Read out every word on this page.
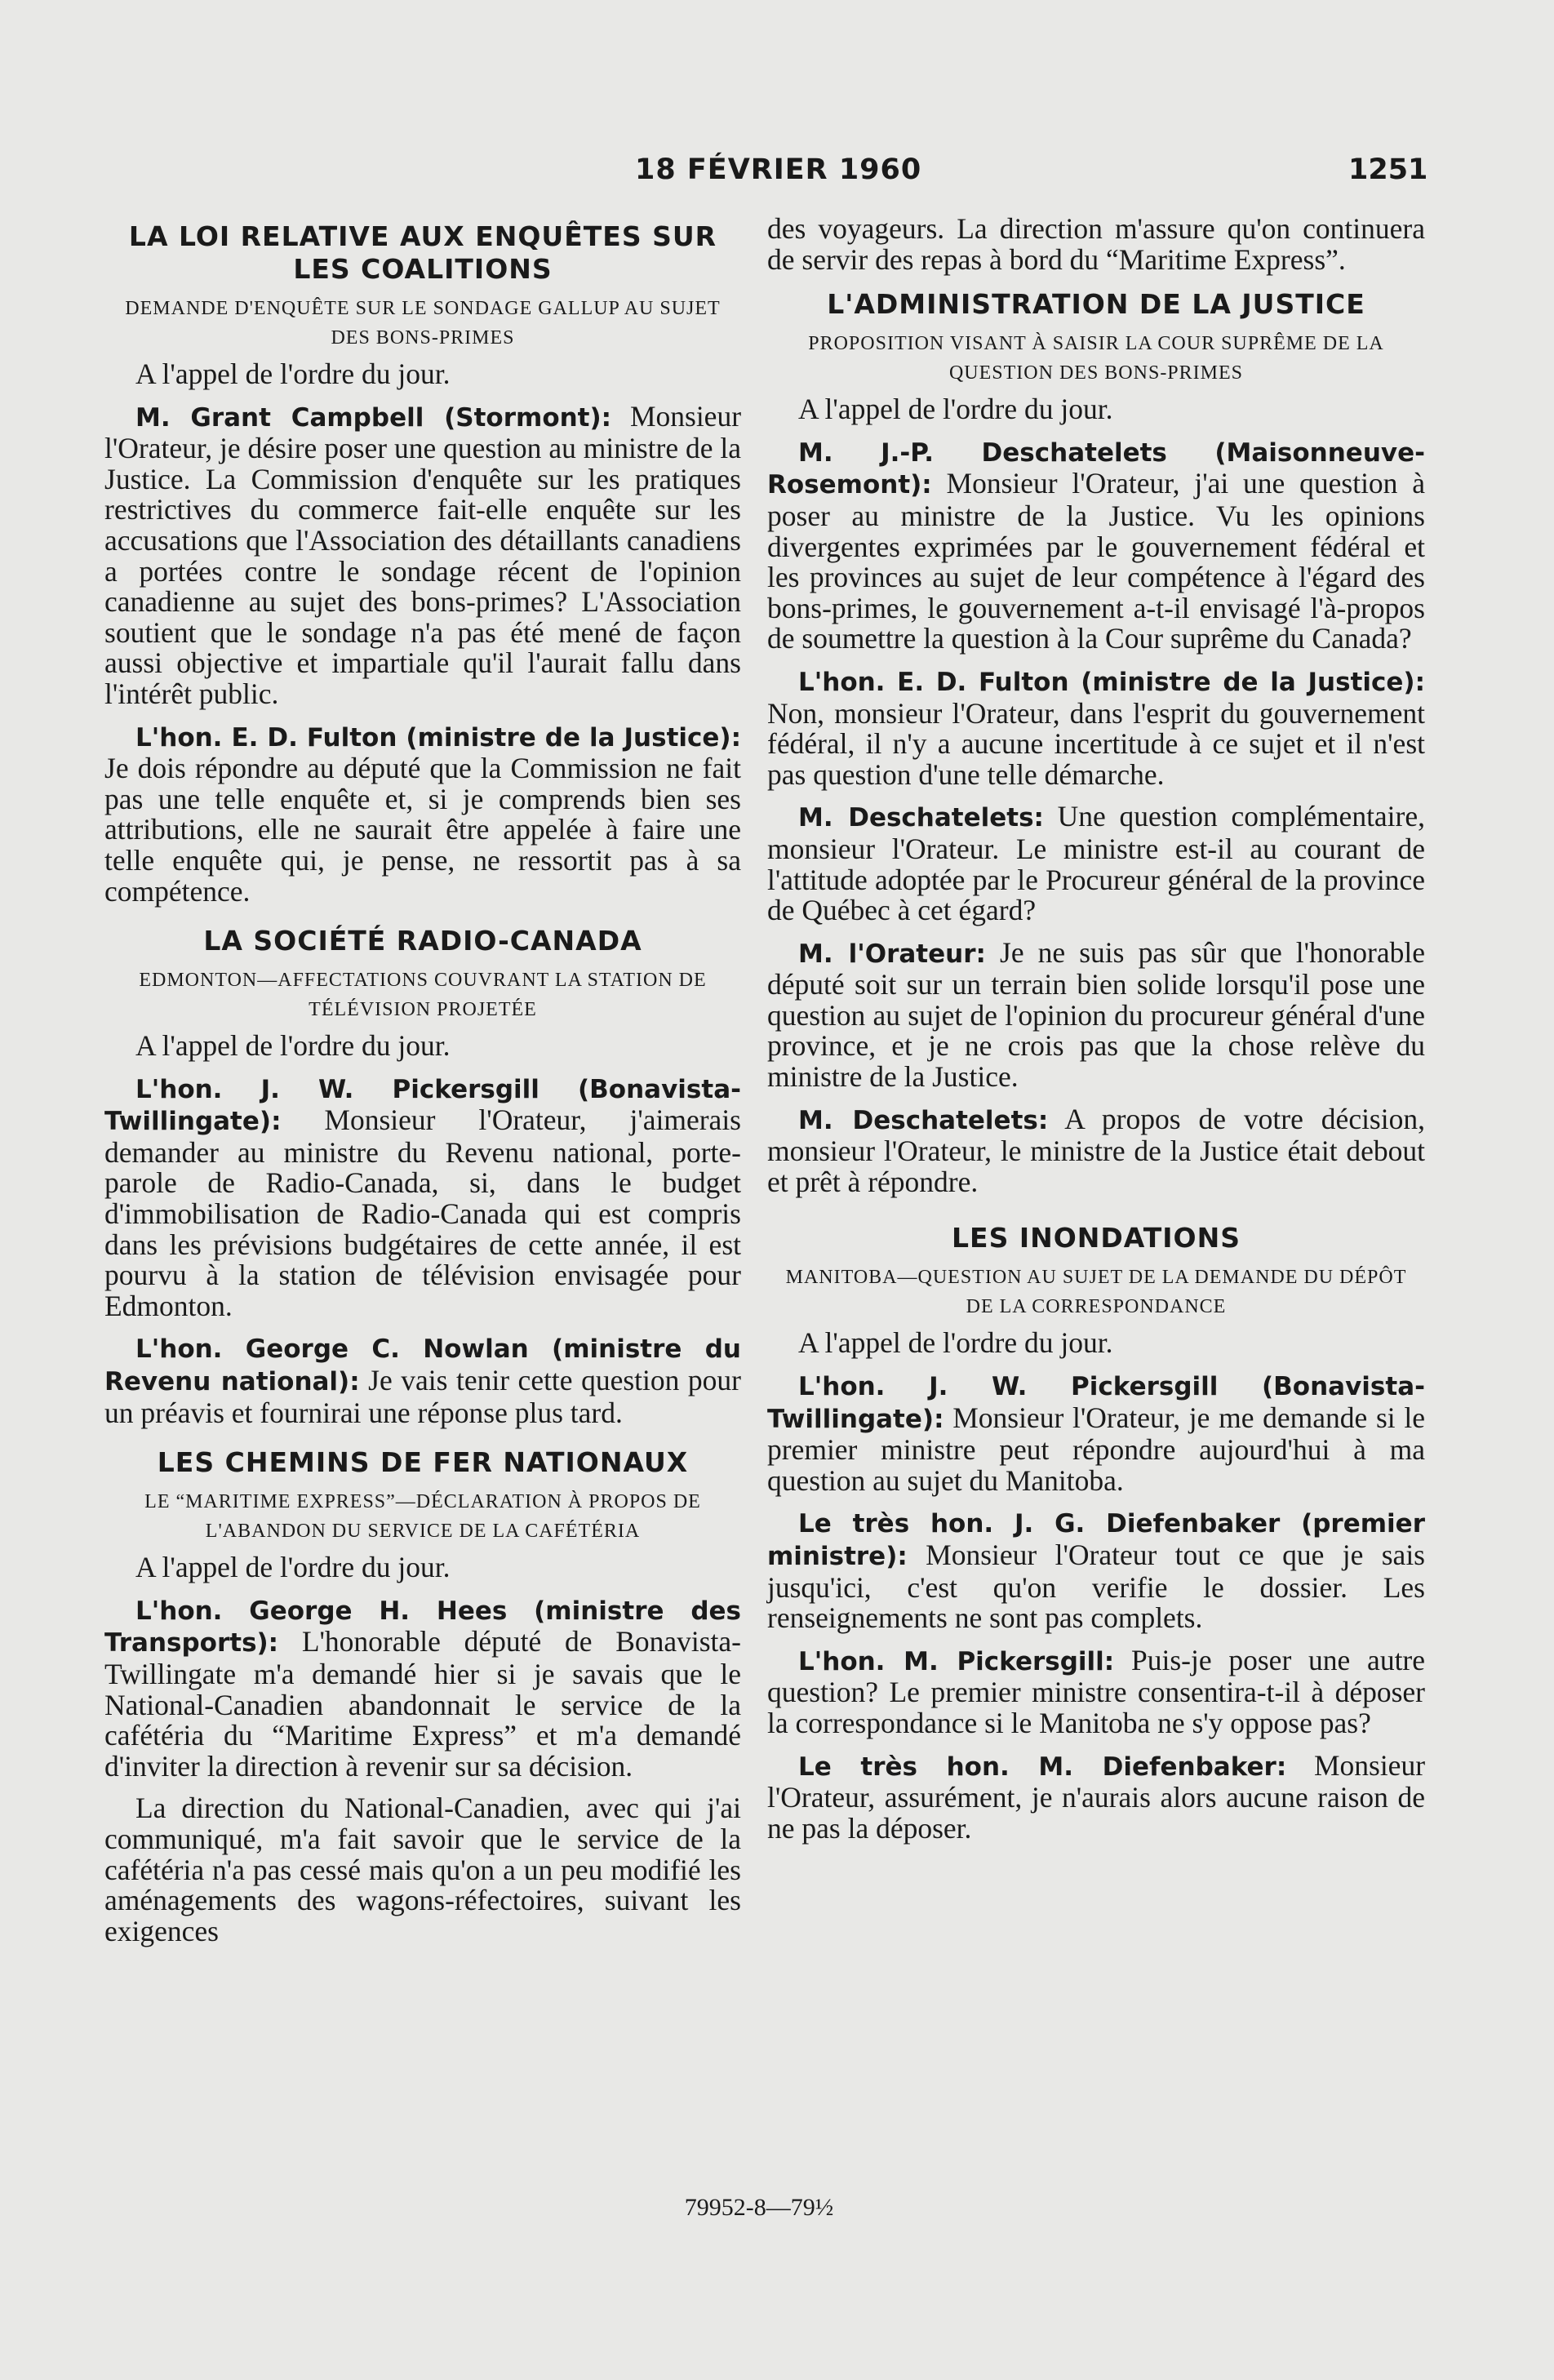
18 FÉVRIER 1960	1251
LA LOI RELATIVE AUX ENQUÊTES SUR LES COALITIONS
DEMANDE D'ENQUÊTE SUR LE SONDAGE GALLUP AU SUJET DES BONS-PRIMES

A l'appel de l'ordre du jour.

M. Grant Campbell (Stormont): Monsieur l'Orateur, je désire poser une question au ministre de la Justice. La Commission d'enquête sur les pratiques restrictives du commerce fait-elle enquête sur les accusations que l'Association des détaillants canadiens a portées contre le sondage récent de l'opinion canadienne au sujet des bons-primes? L'Association soutient que le sondage n'a pas été mené de façon aussi objective et impartiale qu'il l'aurait fallu dans l'intérêt public.

L'hon. E. D. Fulton (ministre de la Justice): Je dois répondre au député que la Commission ne fait pas une telle enquête et, si je comprends bien ses attributions, elle ne saurait être appelée à faire une telle enquête qui, je pense, ne ressortit pas à sa compétence.

LA SOCIÉTÉ RADIO-CANADA
EDMONTON—AFFECTATIONS COUVRANT LA STATION DE TÉLÉVISION PROJETÉE

A l'appel de l'ordre du jour.

L'hon. J. W. Pickersgill (Bonavista-Twillingate): Monsieur l'Orateur, j'aimerais demander au ministre du Revenu national, porte-parole de Radio-Canada, si, dans le budget d'immobilisation de Radio-Canada qui est compris dans les prévisions budgétaires de cette année, il est pourvu à la station de télévision envisagée pour Edmonton.

L'hon. George C. Nowlan (ministre du Revenu national): Je vais tenir cette question pour un préavis et fournirai une réponse plus tard.

LES CHEMINS DE FER NATIONAUX
LE “MARITIME EXPRESS”—DÉCLARATION À PROPOS DE L'ABANDON DU SERVICE DE LA CAFÉTÉRIA

A l'appel de l'ordre du jour.

L'hon. George H. Hees (ministre des Transports): L'honorable député de Bonavista-Twillingate m'a demandé hier si je savais que le National-Canadien abandonnait le service de la cafétéria du “Maritime Express” et m'a demandé d'inviter la direction à revenir sur sa décision.

La direction du National-Canadien, avec qui j'ai communiqué, m'a fait savoir que le service de la cafétéria n'a pas cessé mais qu'on a un peu modifié les aménagements des wagons-réfectoires, suivant les exigences

des voyageurs. La direction m'assure qu'on continuera de servir des repas à bord du “Maritime Express”.

L'ADMINISTRATION DE LA JUSTICE
PROPOSITION VISANT À SAISIR LA COUR SUPRÊME DE LA QUESTION DES BONS-PRIMES

A l'appel de l'ordre du jour.

M. J.-P. Deschatelets (Maisonneuve-Rosemont): Monsieur l'Orateur, j'ai une question à poser au ministre de la Justice. Vu les opinions divergentes exprimées par le gouvernement fédéral et les provinces au sujet de leur compétence à l'égard des bons-primes, le gouvernement a-t-il envisagé l'à-propos de soumettre la question à la Cour suprême du Canada?

L'hon. E. D. Fulton (ministre de la Justice): Non, monsieur l'Orateur, dans l'esprit du gouvernement fédéral, il n'y a aucune incertitude à ce sujet et il n'est pas question d'une telle démarche.

M. Deschatelets: Une question complémentaire, monsieur l'Orateur. Le ministre est-il au courant de l'attitude adoptée par le Procureur général de la province de Québec à cet égard?

M. l'Orateur: Je ne suis pas sûr que l'honorable député soit sur un terrain bien solide lorsqu'il pose une question au sujet de l'opinion du procureur général d'une province, et je ne crois pas que la chose relève du ministre de la Justice.

M. Deschatelets: A propos de votre décision, monsieur l'Orateur, le ministre de la Justice était debout et prêt à répondre.

LES INONDATIONS
MANITOBA—QUESTION AU SUJET DE LA DEMANDE DU DÉPÔT DE LA CORRESPONDANCE

A l'appel de l'ordre du jour.

L'hon. J. W. Pickersgill (Bonavista-Twillingate): Monsieur l'Orateur, je me demande si le premier ministre peut répondre aujourd'hui à ma question au sujet du Manitoba.

Le très hon. J. G. Diefenbaker (premier ministre): Monsieur l'Orateur tout ce que je sais jusqu'ici, c'est qu'on verifie le dossier. Les renseignements ne sont pas complets.

L'hon. M. Pickersgill: Puis-je poser une autre question? Le premier ministre consentira-t-il à déposer la correspondance si le Manitoba ne s'y oppose pas?

Le très hon. M. Diefenbaker: Monsieur l'Orateur, assurément, je n'aurais alors aucune raison de ne pas la déposer.

79952-8—79½
